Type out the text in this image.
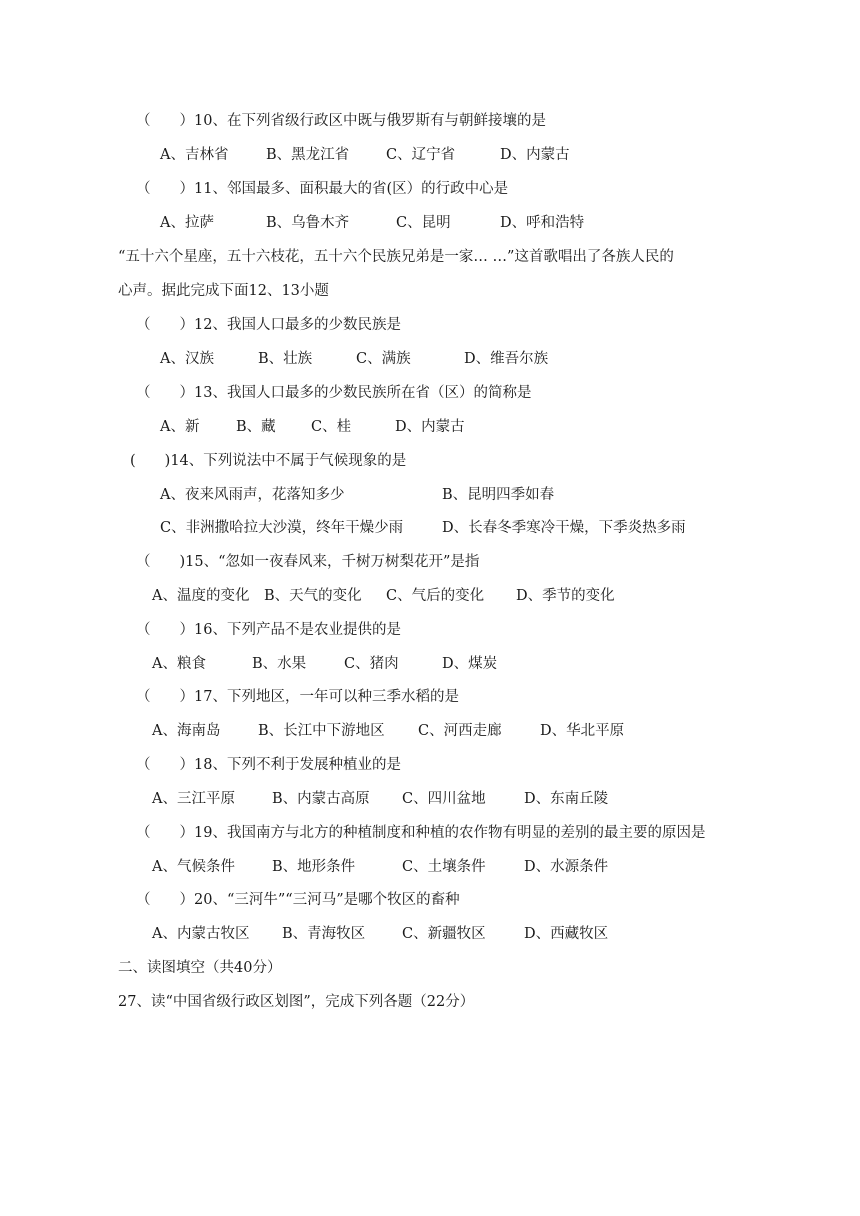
（　　）10、在下列省级行政区中既与俄罗斯有与朝鲜接壤的是
A、吉林省	B、黑龙江省	C、辽宁省	D、内蒙古
（　　）11、邻国最多、面积最大的省(区）的行政中心是
A、拉萨	B、乌鲁木齐	C、昆明	D、呼和浩特
“五十六个星座，五十六枝花，五十六个民族兄弟是一家… …”这首歌唱出了各族人民的
心声。据此完成下面12、13小题
（　　）12、我国人口最多的少数民族是
A、汉族	B、壮族	C、满族	D、维吾尔族
（　　）13、我国人口最多的少数民族所在省（区）的简称是
A、新	B、藏 C、桂	D、内蒙古
(　　)14、下列说法中不属于气候现象的是
A、夜来风雨声，花落知多少	B、昆明四季如春
C、非洲撒哈拉大沙漠，终年干燥少雨	D、长春冬季寒冷干燥，下季炎热多雨
（　　)15、“忽如一夜春风来，千树万树梨花开”是指
A、温度的变化 B、天气的变化 C、气后的变化 D、季节的变化
（　　）16、下列产品不是农业提供的是
A、粮食	B、水果	C、猪肉	D、煤炭
（　　）17、下列地区，一年可以种三季水稻的是
A、海南岛	B、长江中下游地区 C、河西走廊	D、华北平原
（　　）18、下列不利于发展种植业的是
A、三江平原	B、内蒙古高原 C、四川盆地	D、东南丘陵
（　　）19、我国南方与北方的种植制度和种植的农作物有明显的差别的最主要的原因是
A、气候条件	B、地形条件	C、土壤条件	D、水源条件
（　　）20、“三河牛”“三河马”是哪个牧区的畜种
A、内蒙古牧区 B、青海牧区	C、新疆牧区	D、西藏牧区
二、读图填空（共40分）
27、读“中国省级行政区划图”，完成下列各题（22分）
